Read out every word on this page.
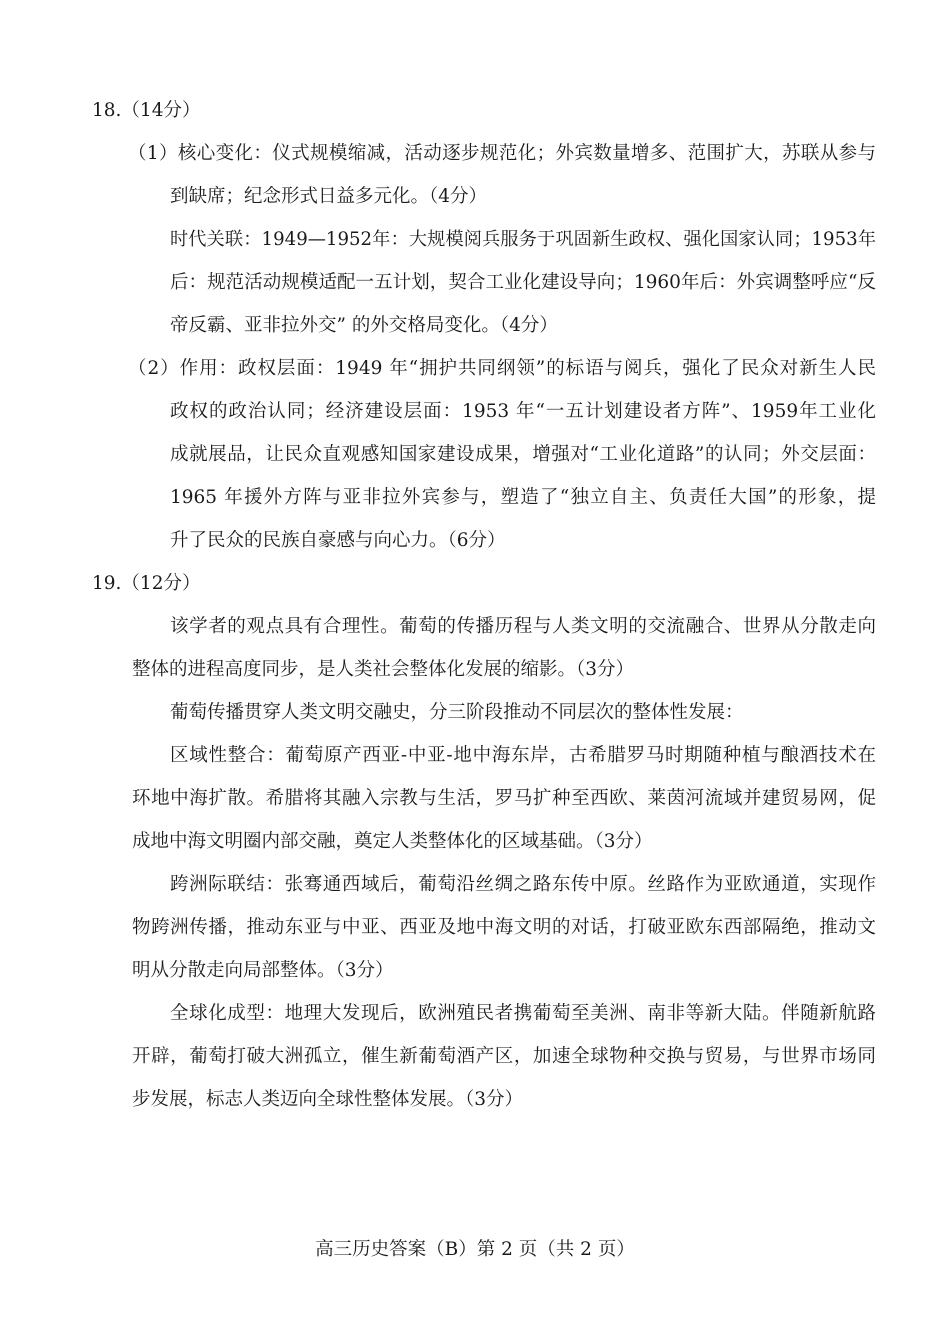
18.（14分）
（1）核心变化：仪式规模缩减，活动逐步规范化；外宾数量增多、范围扩大，苏联从参与
到缺席；纪念形式日益多元化。（4分）
时代关联：1949—1952年：大规模阅兵服务于巩固新生政权、强化国家认同；1953年
后：规范活动规模适配一五计划，契合工业化建设导向；1960年后：外宾调整呼应“反
帝反霸、亚非拉外交” 的外交格局变化。（4分）
（2）作用：政权层面：1949 年“拥护共同纲领”的标语与阅兵，强化了民众对新生人民
政权的政治认同；经济建设层面：1953 年“一五计划建设者方阵”、1959年工业化
成就展品，让民众直观感知国家建设成果，增强对“工业化道路”的认同；外交层面：
1965 年援外方阵与亚非拉外宾参与，塑造了“独立自主、负责任大国”的形象，提
升了民众的民族自豪感与向心力。（6分）
19.（12分）
该学者的观点具有合理性。葡萄的传播历程与人类文明的交流融合、世界从分散走向
整体的进程高度同步，是人类社会整体化发展的缩影。（3分）
葡萄传播贯穿人类文明交融史，分三阶段推动不同层次的整体性发展：
区域性整合：葡萄原产西亚-中亚-地中海东岸，古希腊罗马时期随种植与酿酒技术在
环地中海扩散。希腊将其融入宗教与生活，罗马扩种至西欧、莱茵河流域并建贸易网，促
成地中海文明圈内部交融，奠定人类整体化的区域基础。（3分）
跨洲际联结：张骞通西域后，葡萄沿丝绸之路东传中原。丝路作为亚欧通道，实现作
物跨洲传播，推动东亚与中亚、西亚及地中海文明的对话，打破亚欧东西部隔绝，推动文
明从分散走向局部整体。（3分）
全球化成型：地理大发现后，欧洲殖民者携葡萄至美洲、南非等新大陆。伴随新航路
开辟，葡萄打破大洲孤立，催生新葡萄酒产区，加速全球物种交换与贸易，与世界市场同
步发展，标志人类迈向全球性整体发展。（3分）
高三历史答案（B）第 2 页（共 2 页）
